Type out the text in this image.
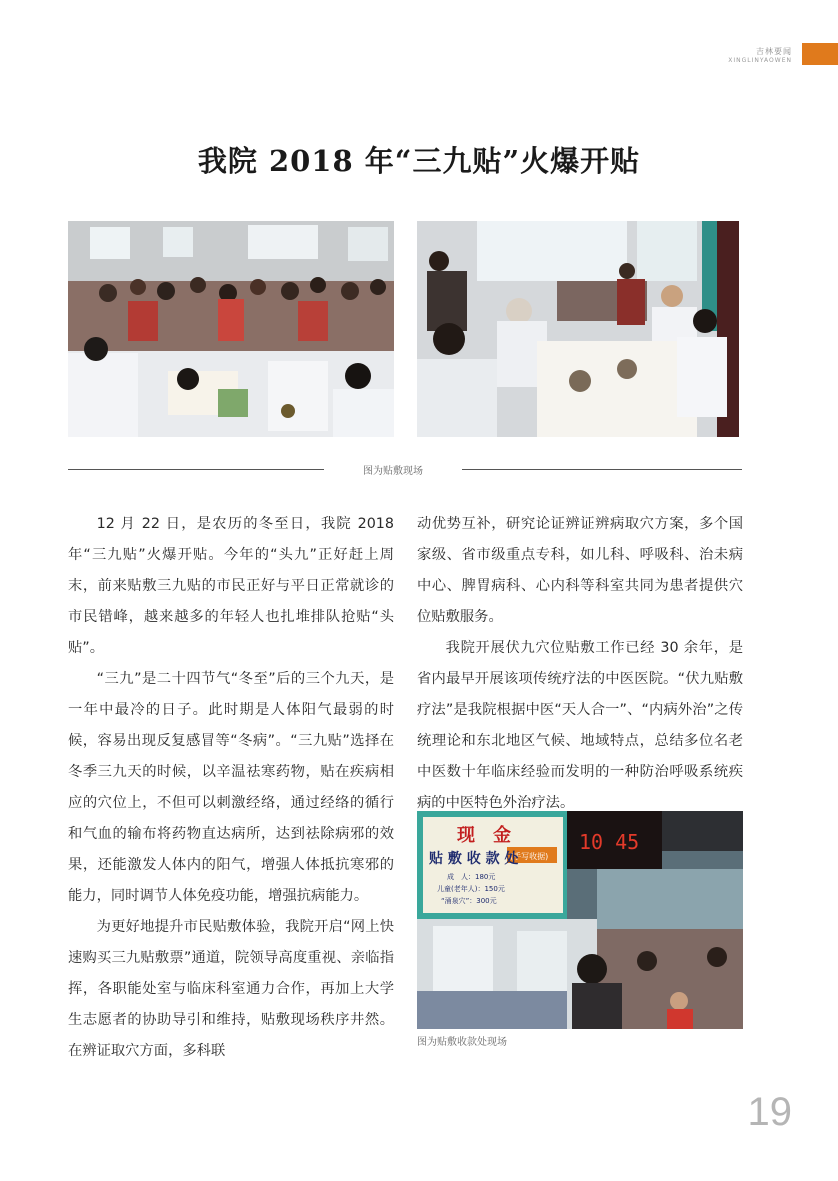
吉林要闻
XINGLINYAOWEN
我院 2018 年“三九贴”火爆开贴
图为贴敷现场

12 月 22 日，是农历的冬至日，我院 2018 年“三九贴”火爆开贴。今年的“头九”正好赶上周末，前来贴敷三九贴的市民正好与平日正常就诊的市民错峰，越来越多的年轻人也扎堆排队抢贴“头贴”。

“三九”是二十四节气“冬至”后的三个九天，是一年中最冷的日子。此时期是人体阳气最弱的时候，容易出现反复感冒等“冬病”。“三九贴”选择在冬季三九天的时候，以辛温祛寒药物，贴在疾病相应的穴位上，不但可以刺激经络，通过经络的循行和气血的输布将药物直达病所，达到祛除病邪的效果，还能激发人体内的阳气，增强人体抵抗寒邪的能力，同时调节人体免疫功能，增强抗病能力。

为更好地提升市民贴敷体验，我院开启“网上快速购买三九贴敷票”通道，院领导高度重视、亲临指挥，各职能处室与临床科室通力合作，再加上大学生志愿者的协助导引和维持，贴敷现场秩序井然。在辨证取穴方面，多科联

动优势互补，研究论证辨证辨病取穴方案，多个国家级、省市级重点专科，如儿科、呼吸科、治未病中心、脾胃病科、心内科等科室共同为患者提供穴位贴敷服务。

我院开展伏九穴位贴敷工作已经 30 余年，是省内最早开展该项传统疗法的中医医院。“伏九贴敷疗法”是我院根据中医“天人合一”、“内病外治”之传统理论和东北地区气候、地域特点，总结多位名老中医数十年临床经验而发明的一种防治呼吸系统疾病的中医特色外治疗法。

现　金
(手写收据)
贴 敷 收 款 处
成　人：180元
儿童(老年人)：150元
“涌泉穴”：300元
10 45
图为贴敷收款处现场
19
